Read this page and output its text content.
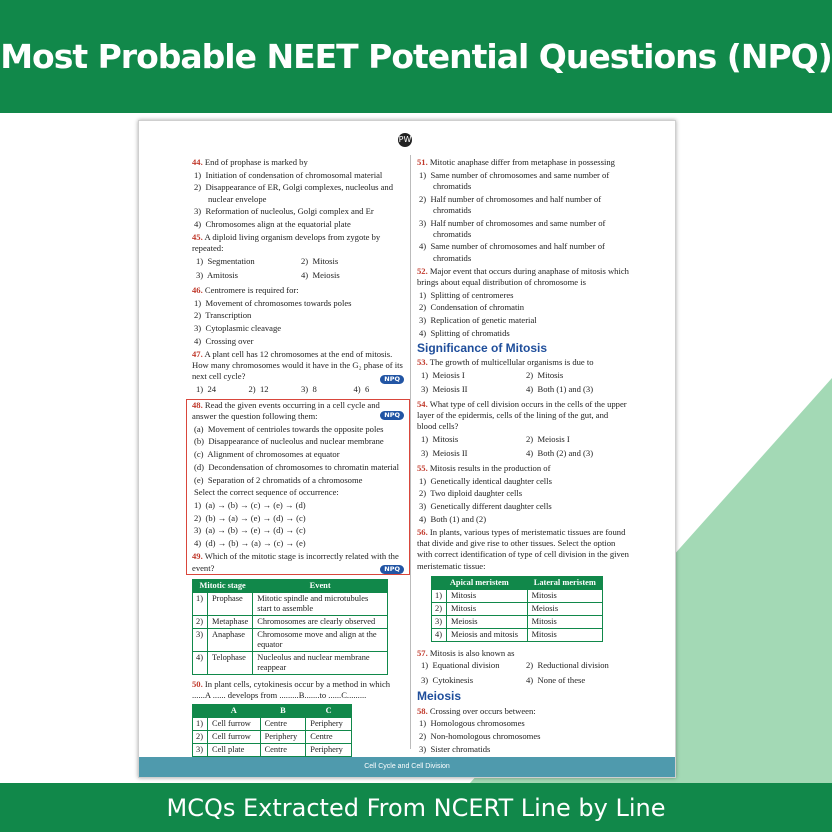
Most Probable NEET Potential Questions (NPQ)
PW
44. End of prophase is marked by
1)  Initiation of condensation of chromosomal material
2)  Disappearance of ER, Golgi complexes, nucleolus and nuclear envelope
3)  Reformation of nucleolus, Golgi complex and Er
4)  Chromosomes align at the equatorial plate
45. A diploid living organism develops from zygote by repeated:
1)  Segmentation	2)  Mitosis
3)  Amitosis	4)  Meiosis
46. Centromere is required for:
1)  Movement of chromosomes towards poles
2)  Transcription
3)  Cytoplasmic cleavage
4)  Crossing over
47. A plant cell has 12 chromosomes at the end of mitosis. How many chromosomes would it have in the G₂ phase of its next cell cycle?	NPQ
1)  24	2)  12	3)  8	4)  6
48. Read the given events occurring in a cell cycle and answer the question following them:	NPQ
(a)  Movement of centrioles towards the opposite poles
(b)  Disappearance of nucleolus and nuclear membrane
(c)  Alignment of chromosomes at equator
(d)  Decondensation of chromosomes to chromatin material
(e)  Separation of 2 chromatids of a chromosome
Select the correct sequence of occurrence:
1)  (a) → (b) → (c) → (e) → (d)
2)  (b) → (a) → (e) → (d) → (c)
3)  (a) → (b) → (e) → (d) → (c)
4)  (d) → (b) → (a) → (c) → (e)
49. Which of the mitotic stage is incorrectly related with the event?	NPQ
Mitotic stage		Event
1)	Prophase	Mitotic spindle and microtubules start to assemble
2)	Metaphase	Chromosomes are clearly observed
3)	Anaphase	Chromosome move and align at the equator
4)	Telophase	Nucleolus and nuclear membrane reappear
50. In plant cells, cytokinesis occur by a method in which ......A ...... develops from .........B.......to ......C.........
	A	B	C
1)	Cell furrow	Centre	Periphery
2)	Cell furrow	Periphery	Centre
3)	Cell plate	Centre	Periphery

51. Mitotic anaphase differ from metaphase in possessing
1)  Same number of chromosomes and same number of chromatids
2)  Half number of chromosomes and half number of chromatids
3)  Half number of chromosomes and same number of chromatids
4)  Same number of chromosomes and half number of chromatids
52. Major event that occurs during anaphase of mitosis which brings about equal distribution of chromosome is
1)  Splitting of centromeres
2)  Condensation of chromatin
3)  Replication of genetic material
4)  Splitting of chromatids
Significance of Mitosis
53. The growth of multicellular organisms is due to
1)  Meiosis I	2)  Mitosis
3)  Meiosis II	4)  Both (1) and (3)
54. What type of cell division occurs in the cells of the upper layer of the epidermis, cells of the lining of the gut, and blood cells?
1)  Mitosis	2)  Meiosis I
3)  Meiosis II	4)  Both (2) and (3)
55. Mitosis results in the production of
1)  Genetically identical daughter cells
2)  Two diploid daughter cells
3)  Genetically different daughter cells
4)  Both (1) and (2)
56. In plants, various types of meristematic tissues are found that divide and give rise to other tissues. Select the option with correct identification of type of cell division in the given meristematic tissue:
Apical meristem		Lateral meristem
1)	Mitosis	Mitosis
2)	Mitosis	Meiosis
3)	Meiosis	Mitosis
4)	Meiosis and mitosis	Mitosis
57. Mitosis is also known as
1)  Equational division	2)  Reductional division
3)  Cytokinesis	4)  None of these
Meiosis
58. Crossing over occurs between:
1)  Homologous chromosomes
2)  Non-homologous chromosomes
3)  Sister chromatids
Cell Cycle and Cell Division
MCQs Extracted From NCERT Line by Line
